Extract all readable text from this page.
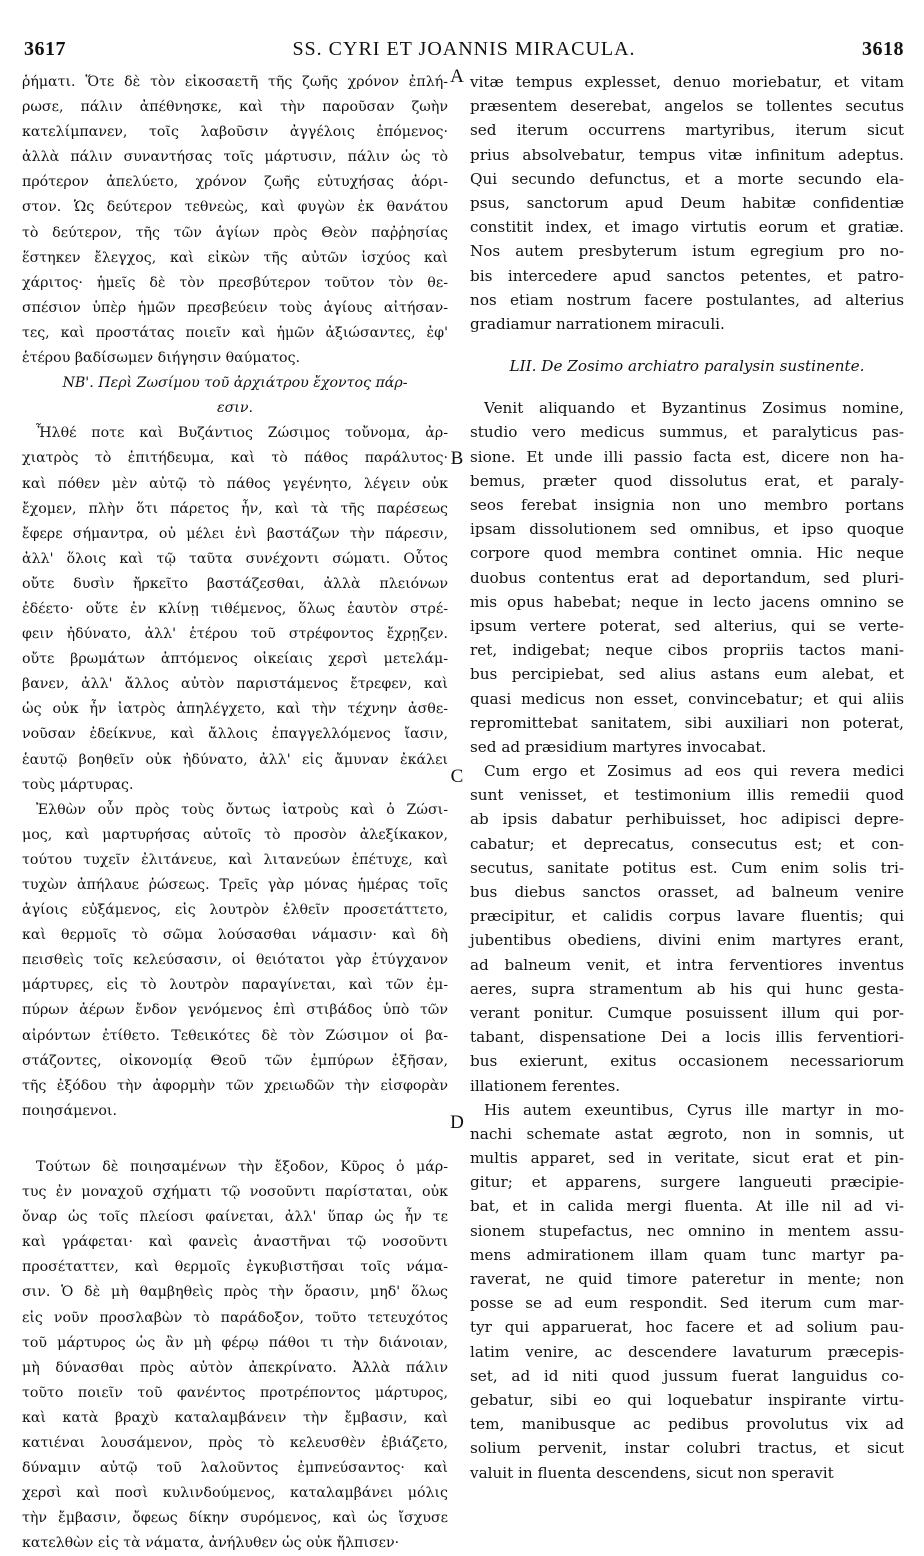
3617	SS. CYRI ET JOANNIS MIRACULA.	3618
ῥήματι. Ὅτε δὲ τὸν εἰκοσαετῆ τῆς ζωῆς χρόνον ἐπλή-
ρωσε, πάλιν ἀπέθνησκε, καὶ τὴν παροῦσαν ζωὴν
κατελίμπανεν, τοῖς λαβοῦσιν ἀγγέλοις ἑπόμενος·
ἀλλὰ πάλιν συναντήσας τοῖς μάρτυσιν, πάλιν ὡς τὸ
πρότερον ἀπελύετο, χρόνον ζωῆς εὐτυχήσας ἀόρι-
στον. Ὡς δεύτερον τεθνεὼς, καὶ φυγὼν ἐκ θανάτου
τὸ δεύτερον, τῆς τῶν ἁγίων πρὸς Θεὸν παῤῥησίας
ἕστηκεν ἔλεγχος, καὶ εἰκὼν τῆς αὐτῶν ἰσχύος καὶ
χάριτος· ἡμεῖς δὲ τὸν πρεσβύτερον τοῦτον τὸν θε-
σπέσιον ὑπὲρ ἡμῶν πρεσβεύειν τοὺς ἁγίους αἰτήσαν-
τες, καὶ προστάτας ποιεῖν καὶ ἡμῶν ἀξιώσαντες, ἐφ'
ἑτέρου βαδίσωμεν διήγησιν θαύματος.
ΝΒ'. Περὶ Ζωσίμου τοῦ ἀρχιάτρου ἔχοντος πάρ-
εσιν.
Ἦλθέ ποτε καὶ Βυζάντιος Ζώσιμος τοὔνομα, ἀρ-
χιατρὸς τὸ ἐπιτήδευμα, καὶ τὸ πάθος παράλυτος·
καὶ πόθεν μὲν αὐτῷ τὸ πάθος γεγένητο, λέγειν οὐκ
ἔχομεν, πλὴν ὅτι πάρετος ἦν, καὶ τὰ τῆς παρέσεως
ἔφερε σήμαντρα, οὐ μέλει ἑνὶ βαστάζων τὴν πάρεσιν,
ἀλλ' ὅλοις καὶ τῷ ταῦτα συνέχοντι σώματι. Οὗτος
οὔτε δυσὶν ἤρκεῖτο βαστάζεσθαι, ἀλλὰ πλειόνων
ἐδέετο· οὔτε ἐν κλίνῃ τιθέμενος, ὅλως ἑαυτὸν στρέ-
φειν ἠδύνατο, ἀλλ' ἑτέρου τοῦ στρέφοντος ἔχρῃζεν.
οὔτε βρωμάτων ἁπτόμενος οἰκείαις χερσὶ μετελάμ-
βανεν, ἀλλ' ἄλλος αὐτὸν παριστάμενος ἔτρεφεν, καὶ
ὡς οὐκ ἦν ἰατρὸς ἀπηλέγχετο, καὶ τὴν τέχνην ἀσθε-
νοῦσαν ἐδείκνυε, καὶ ἄλλοις ἐπαγγελλόμενος ἴασιν,
ἑαυτῷ βοηθεῖν οὐκ ἠδύνατο, ἀλλ' εἰς ἄμυναν ἐκάλει
τοὺς μάρτυρας.
Ἐλθὼν οὖν πρὸς τοὺς ὄντως ἰατροὺς καὶ ὁ Ζώσι-
μος, καὶ μαρτυρήσας αὐτοῖς τὸ προσὸν ἀλεξίκακον,
τούτου τυχεῖν ἐλιτάνευε, καὶ λιτανεύων ἐπέτυχε, καὶ
τυχὼν ἀπήλαυε ῥώσεως. Τρεῖς γὰρ μόνας ἡμέρας τοῖς
ἁγίοις εὐξάμενος, εἰς λουτρὸν ἐλθεῖν προσετάττετο,
καὶ θερμοῖς τὸ σῶμα λούσασθαι νάμασιν· καὶ δὴ
πεισθεὶς τοῖς κελεύσασιν, οἱ θειότατοι γὰρ ἐτύγχανον
μάρτυρες, εἰς τὸ λουτρὸν παραγίνεται, καὶ τῶν ἐμ-
πύρων ἀέρων ἔνδον γενόμενος ἐπὶ στιβάδος ὑπὸ τῶν
αἰρόντων ἐτίθετο. Τεθεικότες δὲ τὸν Ζώσιμον οἱ βα-
στάζοντες, οἰκονομίᾳ Θεοῦ τῶν ἐμπύρων ἐξῆσαν,
τῆς ἐξόδου τὴν ἀφορμὴν τῶν χρειωδῶν τὴν εἰσφορὰν
ποιησάμενοι.
Τούτων δὲ ποιησαμένων τὴν ἔξοδον, Κῦρος ὁ μάρ-
τυς ἐν μοναχοῦ σχήματι τῷ νοσοῦντι παρίσταται, οὐκ
ὄναρ ὡς τοῖς πλείοσι φαίνεται, ἀλλ' ὕπαρ ὡς ἦν τε
καὶ γράφεται· καὶ φανεὶς ἀναστῆναι τῷ νοσοῦντι
προσέταττεν, καὶ θερμοῖς ἐγκυβιστῆσαι τοῖς νάμα-
σιν. Ὁ δὲ μὴ θαμβηθεὶς πρὸς τὴν ὅρασιν, μηδ' ὅλως
εἰς νοῦν προσλαβὼν τὸ παράδοξον, τοῦτο τετευχότος
τοῦ μάρτυρος ὡς ἂν μὴ φέρῳ πάθοι τι τὴν διάνοιαν,
μὴ δύνασθαι πρὸς αὐτὸν ἀπεκρίνατο. Ἀλλὰ πάλιν
τοῦτο ποιεῖν τοῦ φανέντος προτρέποντος μάρτυρος,
καὶ κατὰ βραχὺ καταλαμβάνειν τὴν ἔμβασιν, καὶ
κατιέναι λουσάμενον, πρὸς τὸ κελευσθὲν ἐβιάζετο,
δύναμιν αὐτῷ τοῦ λαλοῦντος ἐμπνεύσαντος· καὶ
χερσὶ καὶ ποσὶ κυλινδούμενος, καταλαμβάνει μόλις
τὴν ἔμβασιν, ὄφεως δίκην συρόμενος, καὶ ὡς ἴσχυσε
κατελθὼν εἰς τὰ νάματα, ἀνήλυθεν ὡς οὐκ ἤλπισεν·
vitæ tempus explesset, denuo moriebatur, et vitam
præsentem deserebat, angelos se tollentes secutus
sed iterum occurrens martyribus, iterum sicut
prius absolvebatur, tempus vitæ infinitum adeptus.
Qui secundo defunctus, et a morte secundo ela-
psus, sanctorum apud Deum habitæ confidentiæ
constitit index, et imago virtutis eorum et gratiæ.
Nos autem presbyterum istum egregium pro no-
bis intercedere apud sanctos petentes, et patro-
nos etiam nostrum facere postulantes, ad alterius
gradiamur narrationem miraculi.
LII. De Zosimo archiatro paralysin sustinente.
Venit aliquando et Byzantinus Zosimus nomine,
studio vero medicus summus, et paralyticus pas-
sione. Et unde illi passio facta est, dicere non ha-
bemus, præter quod dissolutus erat, et paraly-
seos ferebat insignia non uno membro portans
ipsam dissolutionem sed omnibus, et ipso quoque
corpore quod membra continet omnia. Hic neque
duobus contentus erat ad deportandum, sed pluri-
mis opus habebat; neque in lecto jacens omnino se
ipsum vertere poterat, sed alterius, qui se verte-
ret, indigebat; neque cibos propriis tactos mani-
bus percipiebat, sed alius astans eum alebat, et
quasi medicus non esset, convincebatur; et qui aliis
repromittebat sanitatem, sibi auxiliari non poterat,
sed ad præsidium martyres invocabat.
Cum ergo et Zosimus ad eos qui revera medici
sunt venisset, et testimonium illis remedii quod
ab ipsis dabatur perhibuisset, hoc adipisci depre-
cabatur; et deprecatus, consecutus est; et con-
secutus, sanitate potitus est. Cum enim solis tri-
bus diebus sanctos orasset, ad balneum venire
præcipitur, et calidis corpus lavare fluentis; qui
jubentibus obediens, divini enim martyres erant,
ad balneum venit, et intra ferventiores inventus
aeres, supra stramentum ab his qui hunc gesta-
verant ponitur. Cumque posuissent illum qui por-
tabant, dispensatione Dei a locis illis ferventiori-
bus exierunt, exitus occasionem necessariorum
illationem ferentes.
His autem exeuntibus, Cyrus ille martyr in mo-
nachi schemate astat ægroto, non in somnis, ut
multis apparet, sed in veritate, sicut erat et pin-
gitur; et apparens, surgere langueuti præcipie-
bat, et in calida mergi fluenta. At ille nil ad vi-
sionem stupefactus, nec omnino in mentem assu-
mens admirationem illam quam tunc martyr pa-
raverat, ne quid timore pateretur in mente; non
posse se ad eum respondit. Sed iterum cum mar-
tyr qui apparuerat, hoc facere et ad solium pau-
latim venire, ac descendere lavaturum præcepis-
set, ad id niti quod jussum fuerat languidus co-
gebatur, sibi eo qui loquebatur inspirante virtu-
tem, manibusque ac pedibus provolutus vix ad
solium pervenit, instar colubri tractus, et sicut
valuit in fluenta descendens, sicut non speravit
A
B
C
D
